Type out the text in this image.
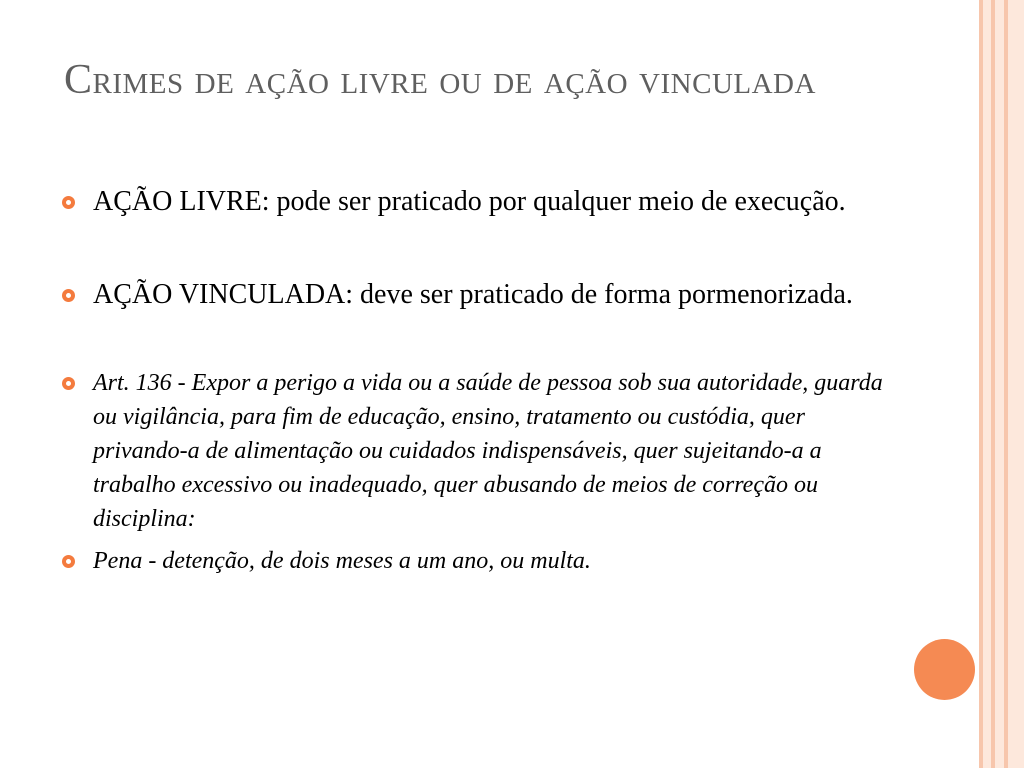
Crimes de ação livre ou de ação vinculada
AÇÃO LIVRE: pode ser praticado por qualquer meio de execução.
AÇÃO VINCULADA: deve ser praticado de forma pormenorizada.
Art. 136 - Expor a perigo a vida ou a saúde de pessoa sob sua autoridade, guarda ou vigilância, para fim de educação, ensino, tratamento ou custódia, quer privando-a de alimentação ou cuidados indispensáveis, quer sujeitando-a a trabalho excessivo ou inadequado, quer abusando de meios de correção ou disciplina:
Pena - detenção, de dois meses a um ano, ou multa.
